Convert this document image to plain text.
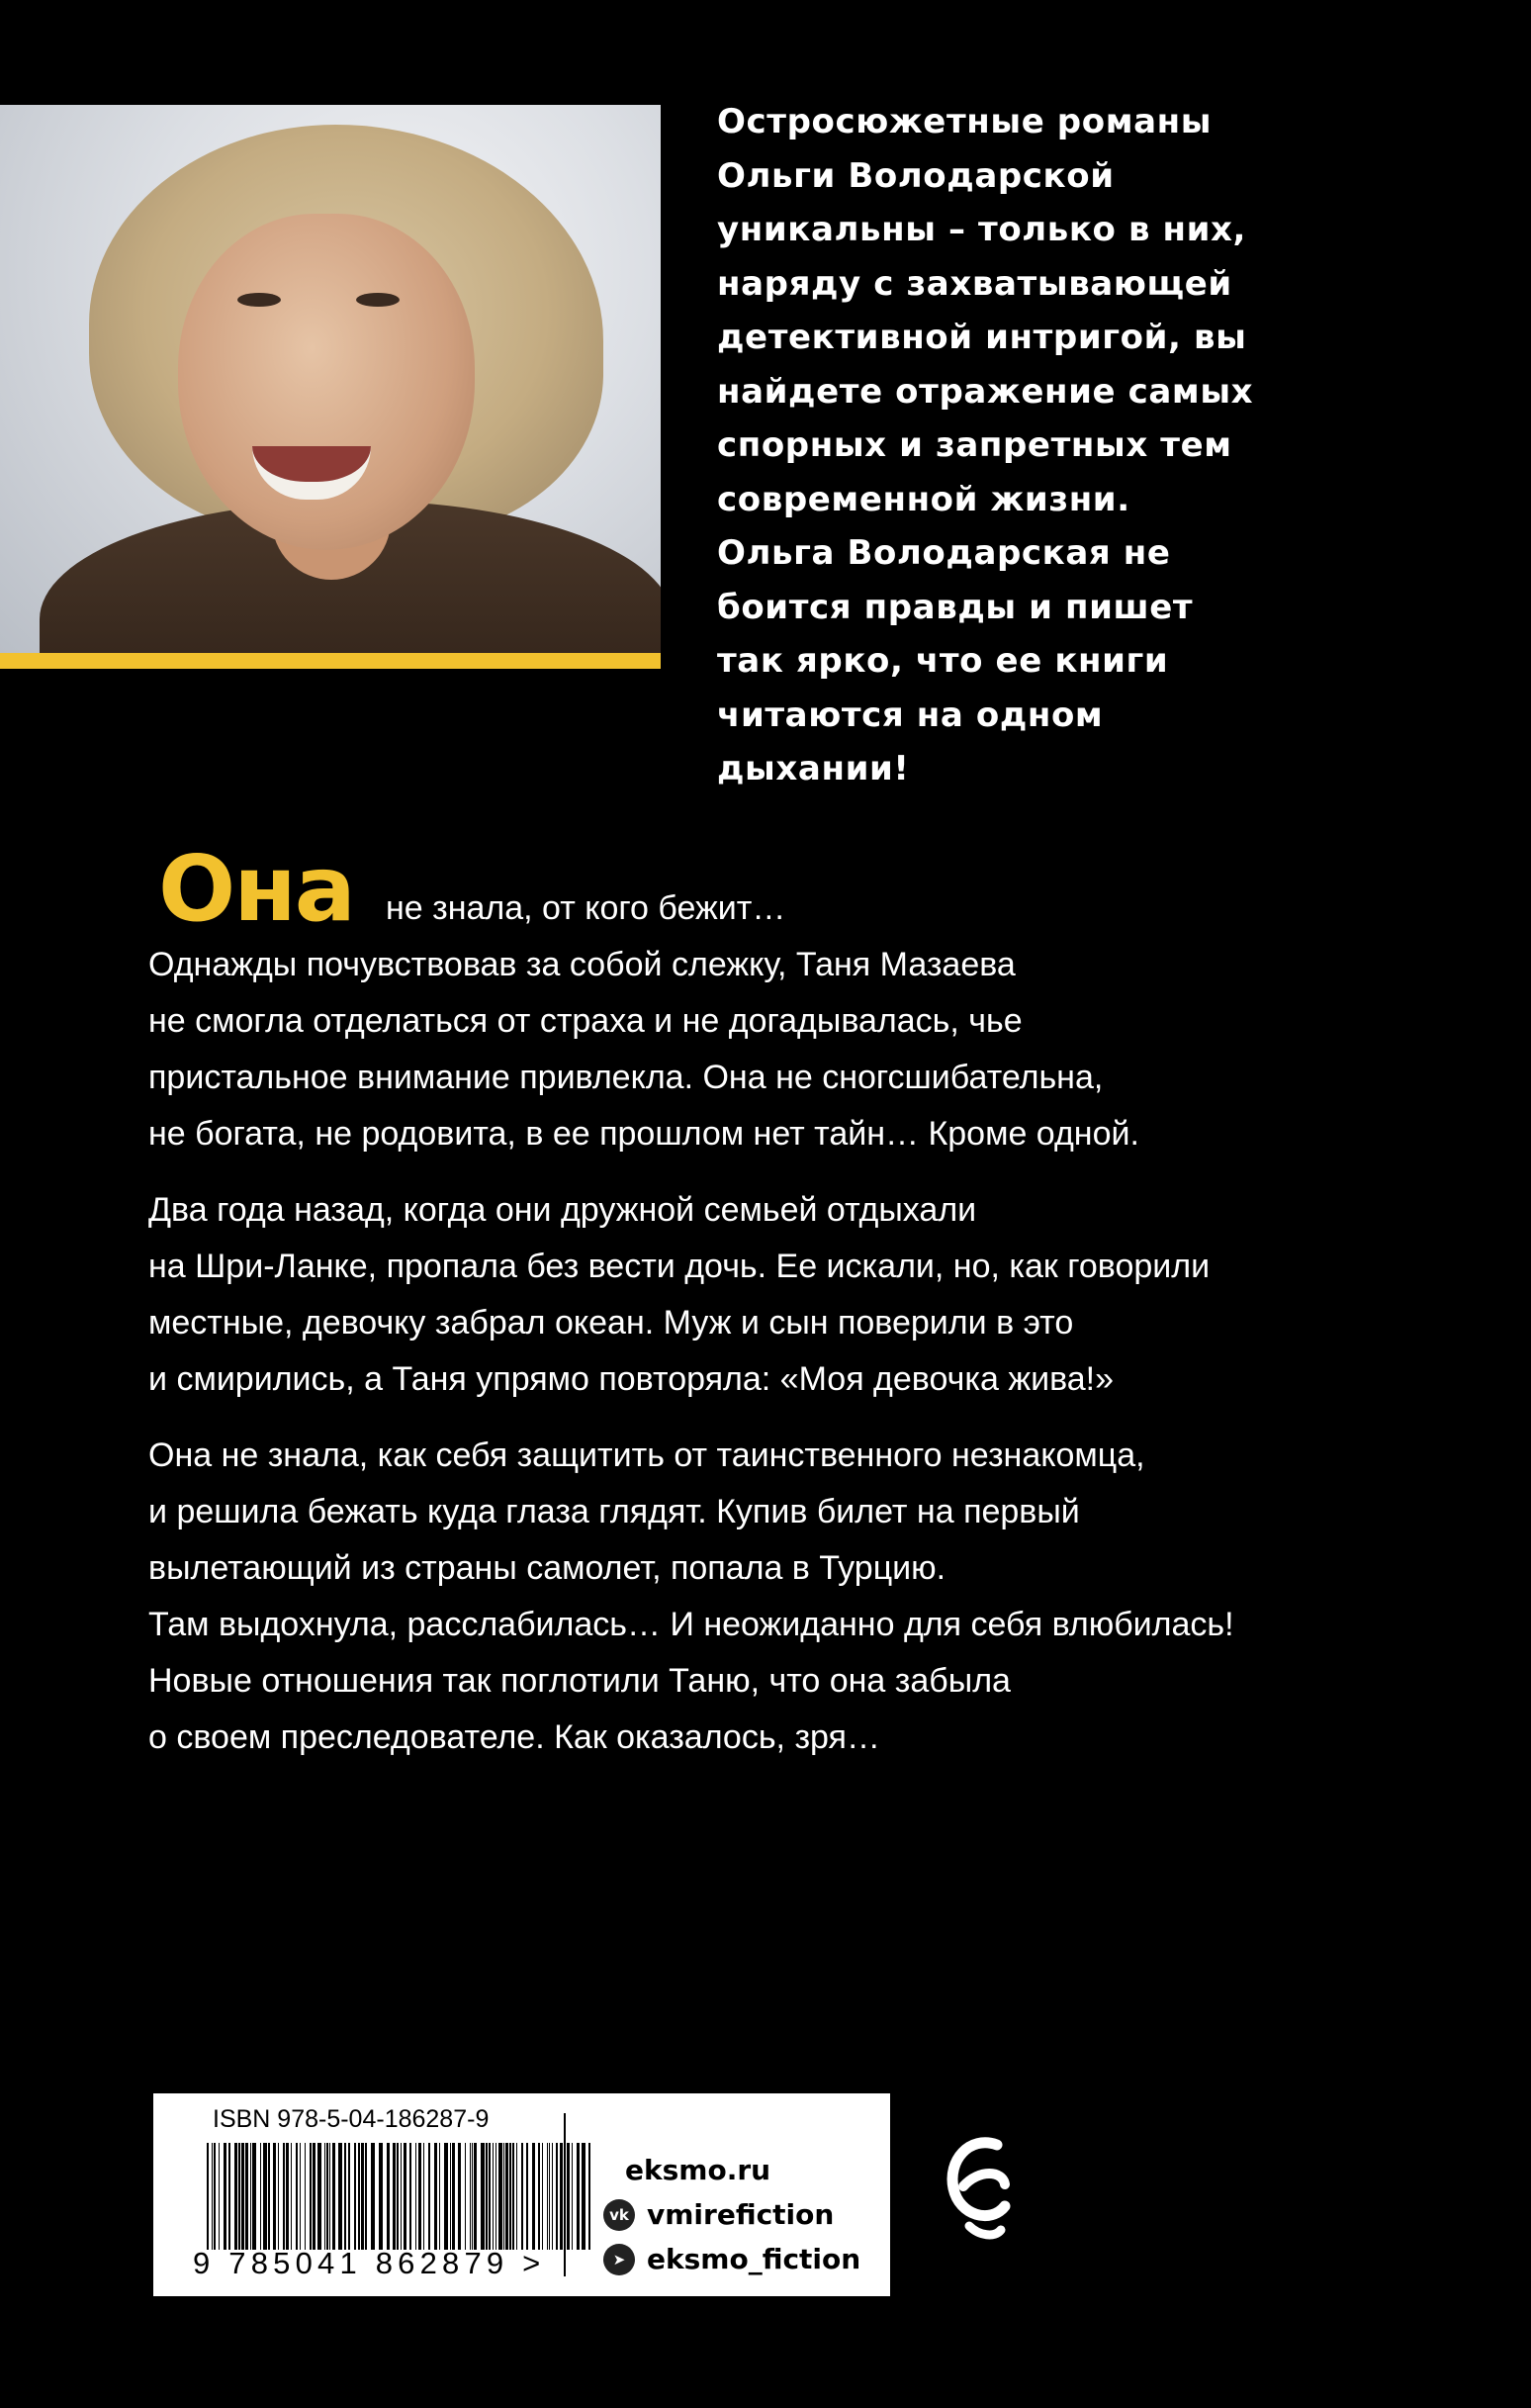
Остросюжетные романы
Ольги Володарской
уникальны – только в них,
наряду с захватывающей
детективной интригой, вы
найдете отражение самых
спорных и запретных тем
современной жизни.
Ольга Володарская не
боится правды и пишет
так ярко, что ее книги
читаются на одном
дыхании!
Она не знала, от кого бежит…
Однажды почувствовав за собой слежку, Таня Мазаева
не смогла отделаться от страха и не догадывалась, чье
пристальное внимание привлекла. Она не сногсшибательна,
не богата, не родовита, в ее прошлом нет тайн… Кроме одной.
Два года назад, когда они дружной семьей отдыхали
на Шри-Ланке, пропала без вести дочь. Ее искали, но, как говорили
местные, девочку забрал океан. Муж и сын поверили в это
и смирились, а Таня упрямо повторяла: «Моя девочка жива!»
Она не знала, как себя защитить от таинственного незнакомца,
и решила бежать куда глаза глядят. Купив билет на первый
вылетающий из страны самолет, попала в Турцию.
Там выдохнула, расслабилась… И неожиданно для себя влюбилась!
Новые отношения так поглотили Таню, что она забыла
о своем преследователе. Как оказалось, зря…
ISBN 978-5-04-186287-9
9 785041 862879 >
eksmo.ru
vk vmirefiction
➤ eksmo_fiction
